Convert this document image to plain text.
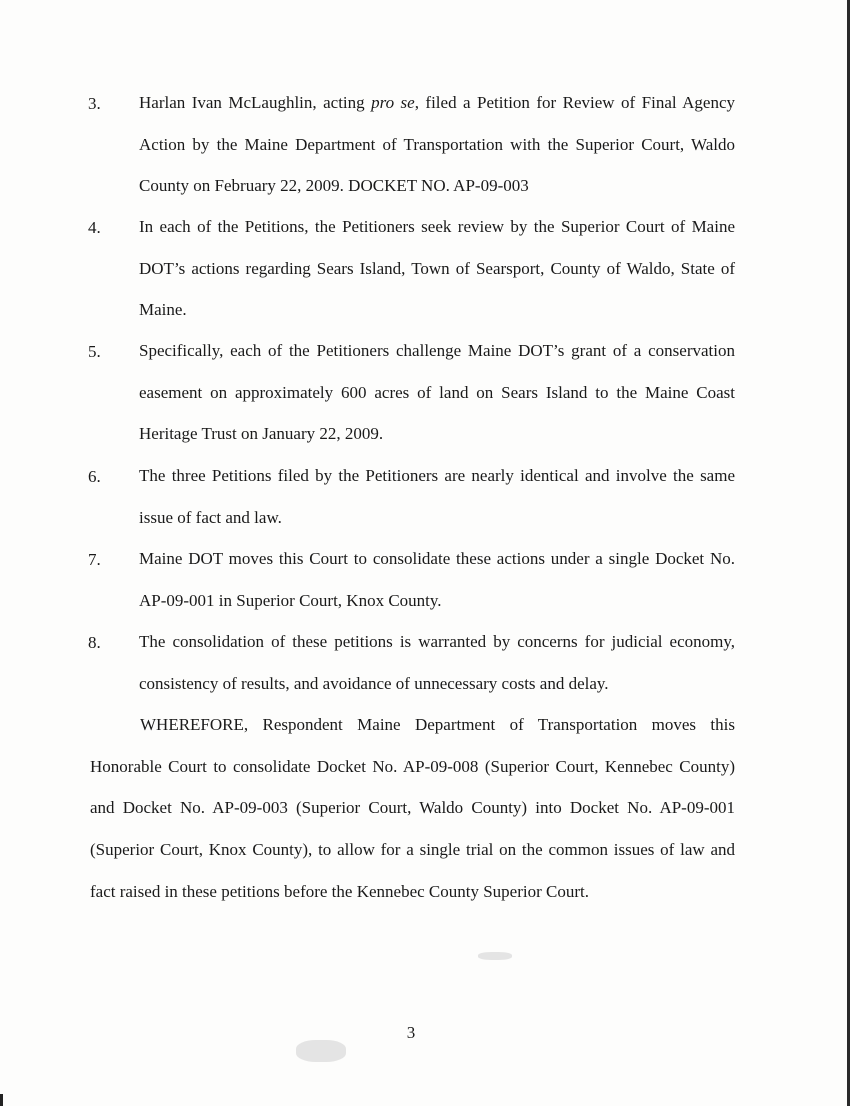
3. Harlan Ivan McLaughlin, acting pro se, filed a Petition for Review of Final Agency Action by the Maine Department of Transportation with the Superior Court, Waldo County on February 22, 2009. DOCKET NO. AP-09-003
4. In each of the Petitions, the Petitioners seek review by the Superior Court of Maine DOT’s actions regarding Sears Island, Town of Searsport, County of Waldo, State of Maine.
5. Specifically, each of the Petitioners challenge Maine DOT’s grant of a conservation easement on approximately 600 acres of land on Sears Island to the Maine Coast Heritage Trust on January 22, 2009.
6. The three Petitions filed by the Petitioners are nearly identical and involve the same issue of fact and law.
7. Maine DOT moves this Court to consolidate these actions under a single Docket No. AP-09-001 in Superior Court, Knox County.
8. The consolidation of these petitions is warranted by concerns for judicial economy, consistency of results, and avoidance of unnecessary costs and delay.
WHEREFORE, Respondent Maine Department of Transportation moves this Honorable Court to consolidate Docket No. AP-09-008 (Superior Court, Kennebec County) and Docket No. AP-09-003 (Superior Court, Waldo County) into Docket No. AP-09-001 (Superior Court, Knox County), to allow for a single trial on the common issues of law and fact raised in these petitions before the Kennebec County Superior Court.
3
